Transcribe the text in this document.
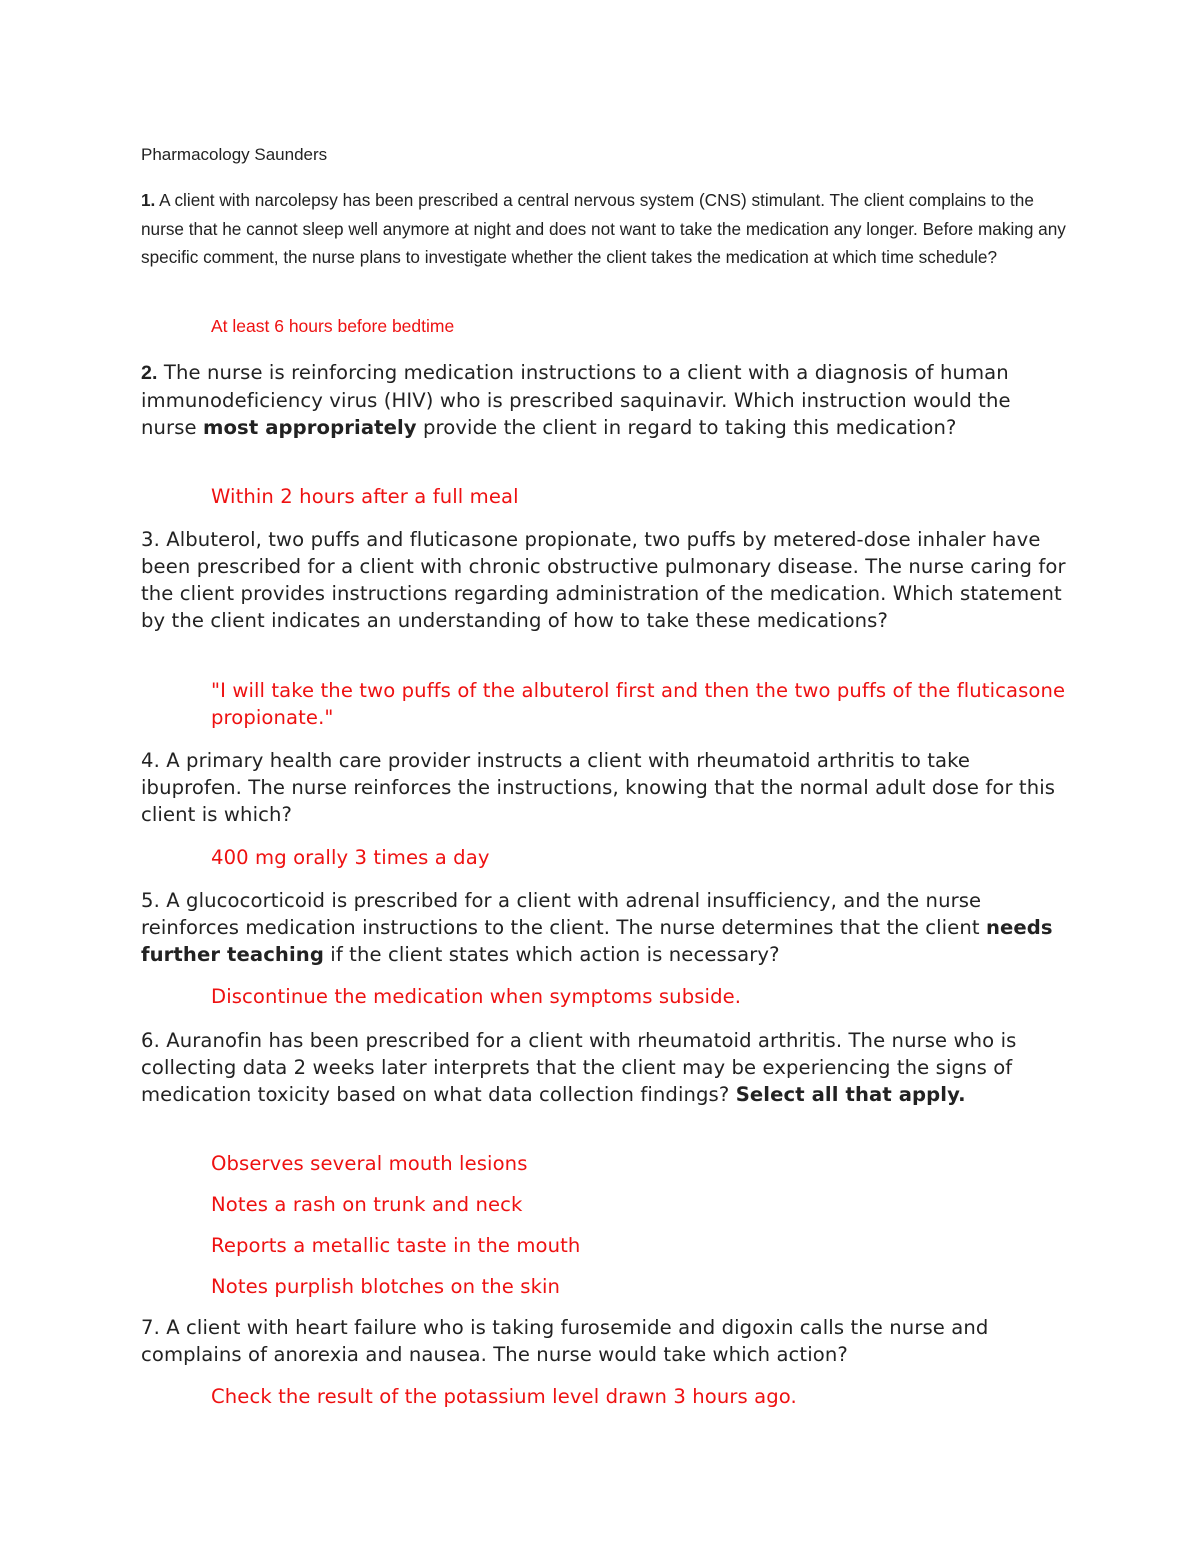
Pharmacology Saunders
1. A client with narcolepsy has been prescribed a central nervous system (CNS) stimulant. The client complains to the nurse that he cannot sleep well anymore at night and does not want to take the medication any longer. Before making any specific comment, the nurse plans to investigate whether the client takes the medication at which time schedule?
At least 6 hours before bedtime
2. The nurse is reinforcing medication instructions to a client with a diagnosis of human immunodeficiency virus (HIV) who is prescribed saquinavir. Which instruction would the nurse most appropriately provide the client in regard to taking this medication?
Within 2 hours after a full meal
3. Albuterol, two puffs and fluticasone propionate, two puffs by metered-dose inhaler have been prescribed for a client with chronic obstructive pulmonary disease. The nurse caring for the client provides instructions regarding administration of the medication. Which statement by the client indicates an understanding of how to take these medications?
"I will take the two puffs of the albuterol first and then the two puffs of the fluticasone propionate."
4. A primary health care provider instructs a client with rheumatoid arthritis to take ibuprofen. The nurse reinforces the instructions, knowing that the normal adult dose for this client is which?
400 mg orally 3 times a day
5. A glucocorticoid is prescribed for a client with adrenal insufficiency, and the nurse reinforces medication instructions to the client. The nurse determines that the client needs further teaching if the client states which action is necessary?
Discontinue the medication when symptoms subside.
6. Auranofin has been prescribed for a client with rheumatoid arthritis. The nurse who is collecting data 2 weeks later interprets that the client may be experiencing the signs of medication toxicity based on what data collection findings? Select all that apply.
Observes several mouth lesions
Notes a rash on trunk and neck
Reports a metallic taste in the mouth
Notes purplish blotches on the skin
7. A client with heart failure who is taking furosemide and digoxin calls the nurse and complains of anorexia and nausea. The nurse would take which action?
Check the result of the potassium level drawn 3 hours ago.
